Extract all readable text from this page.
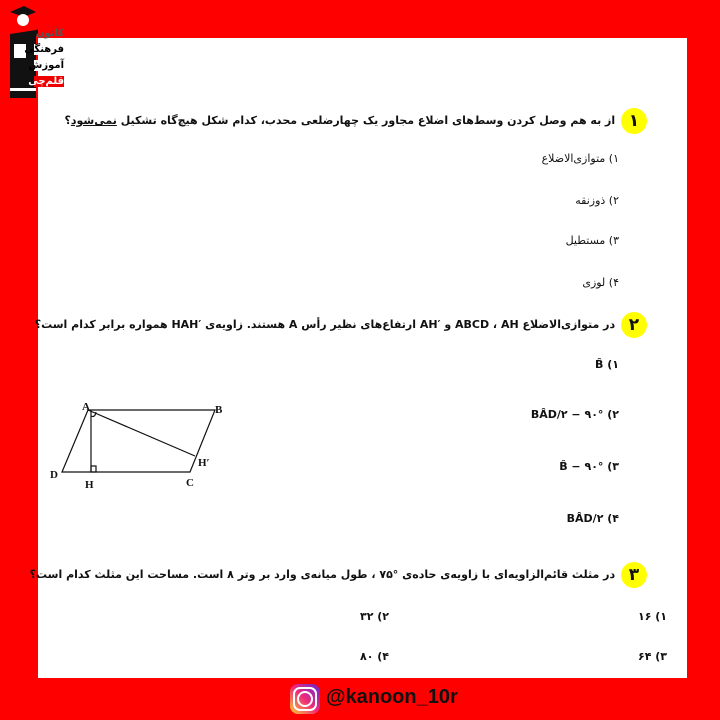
کانون
فرهنگی
آموزش
قلم‌چی
۱ از به هم وصل کردن وسط‌های اضلاع مجاور یک چهارضلعی محدب، کدام شکل هیچ‌گاه تشکیل نمی‌شود؟
۱) متوازی‌الاضلاع
۲) ذوزنقه
۳) مستطیل
۴) لوزی
۲ در متوازی‌الاضلاع ABCD ، AH و ′AH ارتفاع‌های نظیر رأس A هستند. زاویه‌ی ′HAH همواره برابر کدام است؟
۱) B̂
۲) ۹۰° − BÂD/۲
۳) ۹۰° − B̂
۴) BÂD/۲
A	B
C
D
H
H′
۳ در مثلث قائم‌الزاویه‌ای با زاویه‌ی حاده‌ی °۷۵ ، طول میانه‌ی وارد بر وتر ۸ است. مساحت این مثلث کدام است؟
۱) ۱۶
۲) ۳۲
۳) ۶۴
۴) ۸۰
@kanoon_10r
